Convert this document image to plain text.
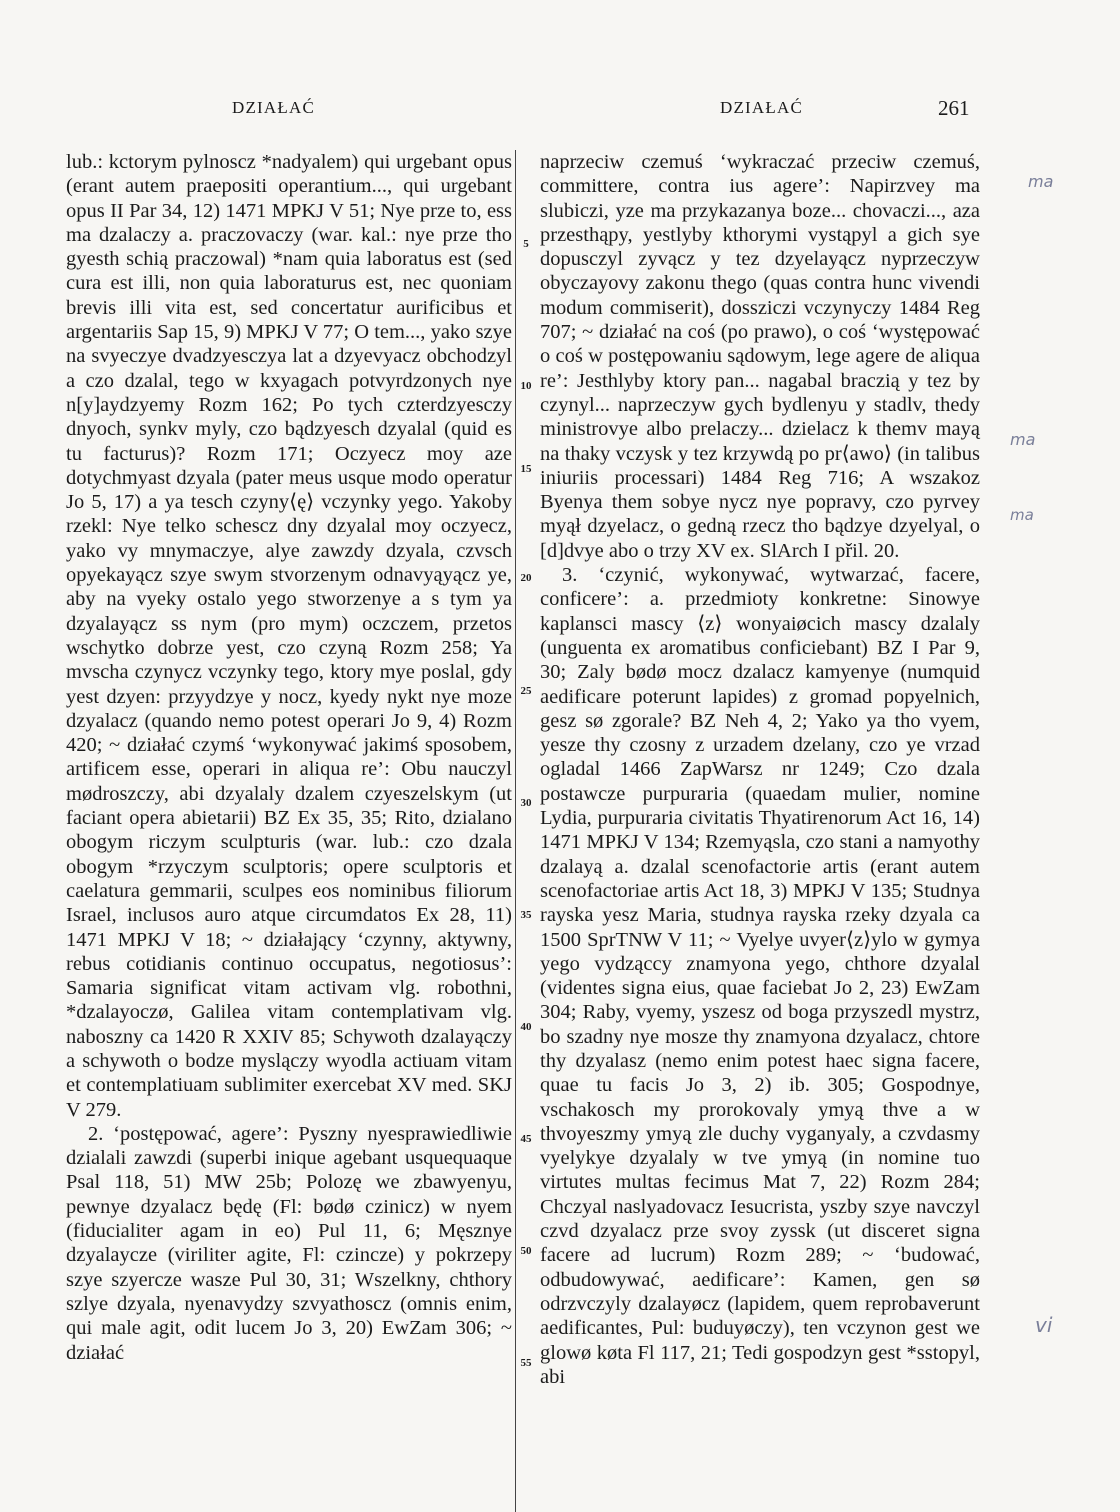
DZIAŁAĆ	DZIAŁAĆ	261

lub.: kctorym pylnoscz *nadyalem) qui urgebant opus (erant autem praepositi operantium..., qui urgebant opus II Par 34, 12) 1471 MPKJ V 51; Nye prze to, ess ma dzalaczy a. praczovaczy (war. kal.: nye prze tho gyesth schią praczowal) *nam quia laboratus est (sed cura est illi, non quia laboraturus est, nec quoniam brevis illi vita est, sed concertatur aurificibus et argentariis Sap 15, 9) MPKJ V 77; O tem..., yako szye na svyeczye dvadzyesczya lat a dzyevyacz obchodzyl a czo dzalal, tego w kxyagach potvyrdzonych nye n[y]aydzyemy Rozm 162; Po tych czterdzyesczy dnyoch, synkv myly, czo bądzyesch dzyalal (quid es tu facturus)? Rozm 171; Oczyecz moy aze dotychmyast dzyala (pater meus usque modo operatur Jo 5, 17) a ya tesch czyny⟨ę⟩ vczynky yego. Yakoby rzekl: Nye telko schescz dny dzyalal moy oczyecz, yako vy mnymaczye, alye zawzdy dzyala, czvsch opyekayącz szye swym stvorzenym odnavyąyącz ye, aby na vyeky ostalo yego stworzenye a s tym ya dzyalayącz ss nym (pro mym) oczczem, przetos wschytko dobrze yest, czo czyną Rozm 258; Ya mvscha czynycz vczynky tego, ktory mye poslal, gdy yest dzyen: przyydzye y nocz, kyedy nykt nye moze dzyalacz (quando nemo potest operari Jo 9, 4) Rozm 420; ~ działać czymś ‘wykonywać jakimś sposobem, artificem esse, operari in aliqua re’: Obu nauczyl mødroszczy, abi dzyalaly dzalem czyeszelskym (ut faciant opera abietarii) BZ Ex 35, 35; Rito, dzialano obogym riczym sculpturis (war. lub.: czo dzala obogym *rzyczym sculptoris; opere sculptoris et caelatura gemmarii, sculpes eos nominibus filiorum Israel, inclusos auro atque circumdatos Ex 28, 11) 1471 MPKJ V 18; ~ działający ‘czynny, aktywny, rebus cotidianis continuo occupatus, negotiosus’: Samaria significat vitam activam vlg. robothni, *dzalayoczø, Galilea vitam contemplativam vlg. naboszny ca 1420 R XXIV 85; Schywoth dzalayączy a schywoth o bodze myslączy wyodla actiuam vitam et contemplatiuam sublimiter exercebat XV med. SKJ V 279.

2. ‘postępować, agere’: Pyszny nyesprawiedliwie dzialali zawzdi (superbi inique agebant usquequaque Psal 118, 51) MW 25b; Polozę we zbawyenyu, pewnye dzyalacz będę (Fl: bødø czinicz) w nyem (fiducialiter agam in eo) Pul 11, 6; Męsznye dzyalaycze (viriliter agite, Fl: czincze) y pokrzepy szye szyercze wasze Pul 30, 31; Wszelkny, chthory szlye dzyala, nyenavydzy szvyathoscz (omnis enim, qui male agit, odit lucem Jo 3, 20) EwZam 306; ~ działać

5
10
15
20
25
30
35
40
45
50
55

naprzeciw czemuś ‘wykraczać przeciw czemuś, committere, contra ius agere’: Napirzvey ma slubiczi, yze ma przykazanya boze... chovaczi..., aza przesthąpy, yestlyby kthorymi vystąpyl a gich sye dopusczyl zyvącz y tez dzyelayącz nyprzeczyw obyczayovy zakonu thego (quas contra hunc vivendi modum commiserit), dossziczi vczynyczy 1484 Reg 707; ~ działać na coś (po prawo), o coś ‘występować o coś w postępowaniu sądowym, lege agere de aliqua re’: Jesthlyby ktory pan... nagabal braczią y tez by czynyl... naprzeczyw gych bydlenyu y stadlv, thedy ministrovye albo prelaczy... dzielacz k themv mayą na thaky vczysk y tez krzywdą po pr⟨awo⟩ (in talibus iniuriis processari) 1484 Reg 716; A wszakoz Byenya them sobye nycz nye popravy, czo pyrvey myął dzyelacz, o gedną rzecz tho bądzye dzyelyal, o [d]dvye abo o trzy XV ex. SlArch I přil. 20.

3. ‘czynić, wykonywać, wytwarzać, facere, conficere’: a. przedmioty konkretne: Sinowye kaplansci mascy ⟨z⟩ wonyaiøcich mascy dzalaly (unguenta ex aromatibus conficiebant) BZ I Par 9, 30; Zaly bødø mocz dzalacz kamyenye (numquid aedificare poterunt lapides) z gromad popyelnich, gesz sø zgorale? BZ Neh 4, 2; Yako ya tho vyem, yesze thy czosny z urzadem dzelany, czo ye vrzad ogladal 1466 ZapWarsz nr 1249; Czo dzala postawcze purpuraria (quaedam mulier, nomine Lydia, purpuraria civitatis Thyatirenorum Act 16, 14) 1471 MPKJ V 134; Rzemyąsla, czo stani a namyothy dzalayą a. dzalal scenofactorie artis (erant autem scenofactoriae artis Act 18, 3) MPKJ V 135; Studnya rayska yesz Maria, studnya rayska rzeky dzyala ca 1500 SprTNW V 11; ~ Vyelye uvyer⟨z⟩ylo w gymya yego vydząccy znamyona yego, chthore dzyalal (videntes signa eius, quae faciebat Jo 2, 23) EwZam 304; Raby, vyemy, yszesz od boga przyszedl mystrz, bo szadny nye mosze thy znamyona dzyalacz, chtore thy dzyalasz (nemo enim potest haec signa facere, quae tu facis Jo 3, 2) ib. 305; Gospodnye, vschakosch my prorokovaly ymyą thve a w thvoyeszmy ymyą zle duchy vyganyaly, a czvdasmy vyelykye dzyalaly w tve ymyą (in nomine tuo virtutes multas fecimus Mat 7, 22) Rozm 284; Chczyal naslyadovacz Iesucrista, yszby szye navczyl czvd dzyalacz prze svoy zyssk (ut disceret signa facere ad lucrum) Rozm 289; ~ ‘budować, odbudowywać, aedificare’: Kamen, gen sø odrzvczyly dzalayøcz (lapidem, quem reprobaverunt aedificantes, Pul: buduyøczy), ten vczynon gest we glowø køta Fl 117, 21; Tedi gospodzyn gest *sstopyl, abi

ma
ma
ma
vi
